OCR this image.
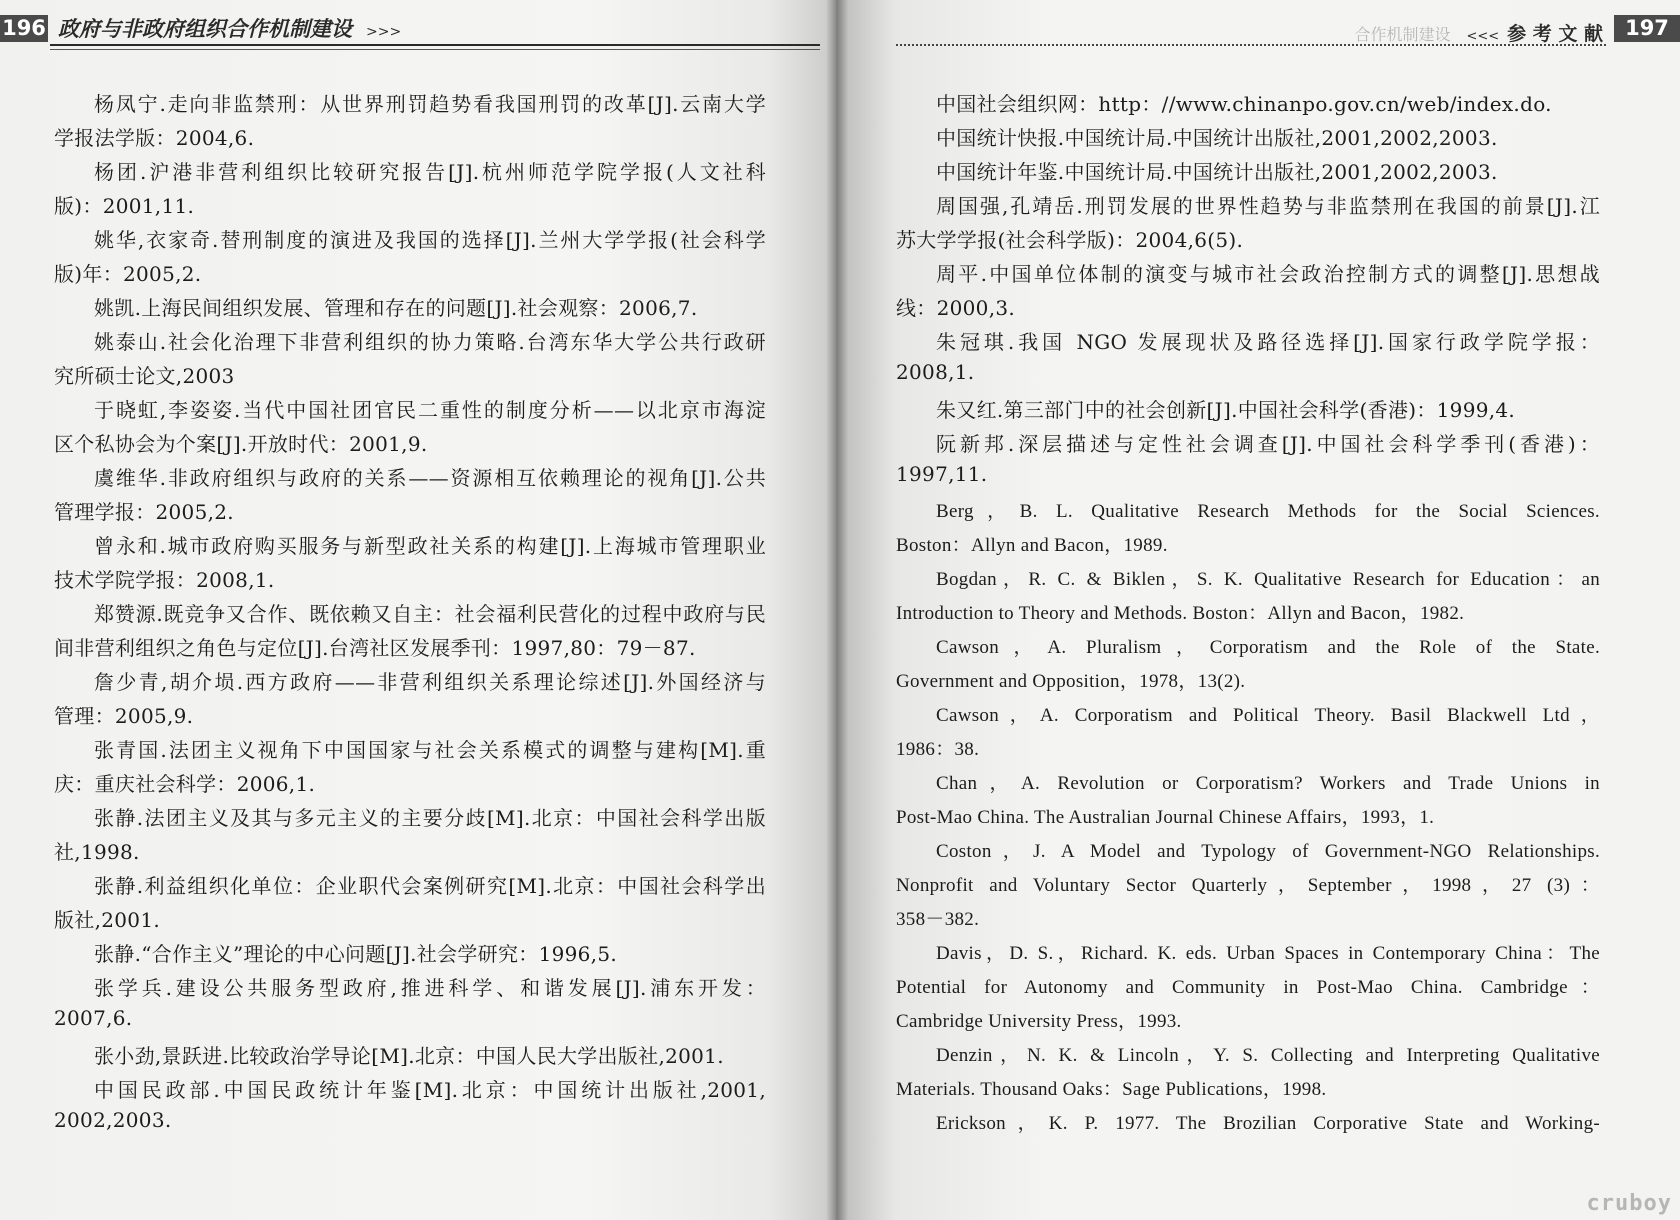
196 政府与非政府组织合作机制建设 >>>
杨凤宁.走向非监禁刑：从世界刑罚趋势看我国刑罚的改革[J].云南大学
学报法学版：2004,6.
杨团.沪港非营利组织比较研究报告[J].杭州师范学院学报(人文社科
版)：2001,11.
姚华,衣家奇.替刑制度的演进及我国的选择[J].兰州大学学报(社会科学
版)年：2005,2.
姚凯.上海民间组织发展、管理和存在的问题[J].社会观察：2006,7.
姚泰山.社会化治理下非营利组织的协力策略.台湾东华大学公共行政研
究所硕士论文,2003
于晓虹,李姿姿.当代中国社团官民二重性的制度分析——以北京市海淀
区个私协会为个案[J].开放时代：2001,9.
虞维华.非政府组织与政府的关系——资源相互依赖理论的视角[J].公共
管理学报：2005,2.
曾永和.城市政府购买服务与新型政社关系的构建[J].上海城市管理职业
技术学院学报：2008,1.
郑赞源.既竞争又合作、既依赖又自主：社会福利民营化的过程中政府与民
间非营利组织之角色与定位[J].台湾社区发展季刊：1997,80：79－87.
詹少青,胡介埙.西方政府——非营利组织关系理论综述[J].外国经济与
管理：2005,9.
张青国.法团主义视角下中国国家与社会关系模式的调整与建构[M].重
庆：重庆社会科学：2006,1.
张静.法团主义及其与多元主义的主要分歧[M].北京：中国社会科学出版
社,1998.
张静.利益组织化单位：企业职代会案例研究[M].北京：中国社会科学出
版社,2001.
张静.“合作主义”理论的中心问题[J].社会学研究：1996,5.
张学兵.建设公共服务型政府,推进科学、和谐发展[J].浦东开发：
2007,6.
张小劲,景跃进.比较政治学导论[M].北京：中国人民大学出版社,2001.
中国民政部.中国民政统计年鉴[M].北京：中国统计出版社,2001,
2002,2003.
合作机制建设 <<< 参 考 文 献	197
中国社会组织网：http：//www.chinanpo.gov.cn/web/index.do.
中国统计快报.中国统计局.中国统计出版社,2001,2002,2003.
中国统计年鉴.中国统计局.中国统计出版社,2001,2002,2003.
周国强,孔靖岳.刑罚发展的世界性趋势与非监禁刑在我国的前景[J].江
苏大学学报(社会科学版)：2004,6(5).
周平.中国单位体制的演变与城市社会政治控制方式的调整[J].思想战
线：2000,3.
朱冠琪.我国 NGO 发展现状及路径选择[J].国家行政学院学报：
2008,1.
朱又红.第三部门中的社会创新[J].中国社会科学(香港)：1999,4.
阮新邦.深层描述与定性社会调查[J].中国社会科学季刊(香港)：
1997,11.
Berg，B. L. Qualitative Research Methods for the Social Sciences.
Boston：Allyn and Bacon，1989.
Bogdan，R. C. & Biklen，S. K. Qualitative Research for Education：an
Introduction to Theory and Methods. Boston：Allyn and Bacon，1982.
Cawson，A. Pluralism，Corporatism and the Role of the State.
Government and Opposition，1978，13(2).
Cawson，A. Corporatism and Political Theory. Basil Blackwell Ltd，
1986：38.
Chan，A. Revolution or Corporatism? Workers and Trade Unions in
Post-Mao China. The Australian Journal Chinese Affairs，1993，1.
Coston，J. A Model and Typology of Government-NGO Relationships.
Nonprofit and Voluntary Sector Quarterly，September，1998，27 (3)：
358－382.
Davis，D. S.，Richard. K. eds. Urban Spaces in Contemporary China：The
Potential for Autonomy and Community in Post-Mao China. Cambridge：
Cambridge University Press，1993.
Denzin，N. K. & Lincoln，Y. S. Collecting and Interpreting Qualitative
Materials. Thousand Oaks：Sage Publications，1998.
Erickson，K. P. 1977. The Brozilian Corporative State and Working-
cruboy
